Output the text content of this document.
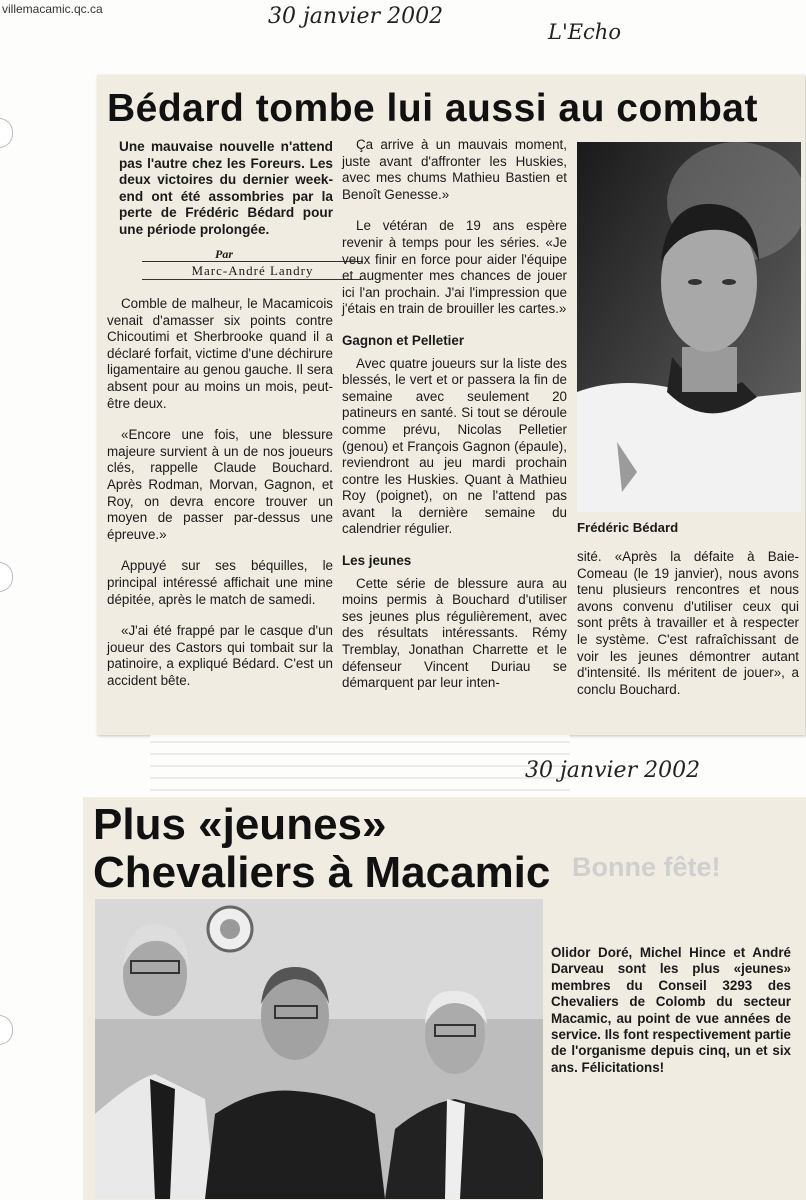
villemacamic.qc.ca	30 janvier 2002
L'Echo
Bédard tombe lui aussi au combat
Une mauvaise nouvelle n'attend pas l'autre chez les Foreurs. Les deux victoires du dernier week-end ont été assombries par la perte de Frédéric Bédard pour une période prolongée.
Par
Marc-André Landry

Comble de malheur, le Macamicois venait d'amasser six points contre Chicoutimi et Sherbrooke quand il a déclaré forfait, victime d'une déchirure ligamentaire au genou gauche. Il sera absent pour au moins un mois, peut-être deux.

«Encore une fois, une blessure majeure survient à un de nos joueurs clés, rappelle Claude Bouchard. Après Rodman, Morvan, Gagnon, et Roy, on devra encore trouver un moyen de passer par-dessus une épreuve.»

Appuyé sur ses béquilles, le principal intéressé affichait une mine dépitée, après le match de samedi.

«J'ai été frappé par le casque d'un joueur des Castors qui tombait sur la patinoire, a expliqué Bédard. C'est un accident bête.

Ça arrive à un mauvais moment, juste avant d'affronter les Huskies, avec mes chums Mathieu Bastien et Benoît Genesse.»

Le vétéran de 19 ans espère revenir à temps pour les séries. «Je veux finir en force pour aider l'équipe et augmenter mes chances de jouer ici l'an prochain. J'ai l'impression que j'étais en train de brouiller les cartes.»

Gagnon et Pelletier

Avec quatre joueurs sur la liste des blessés, le vert et or passera la fin de semaine avec seulement 20 patineurs en santé. Si tout se déroule comme prévu, Nicolas Pelletier (genou) et François Gagnon (épaule), reviendront au jeu mardi prochain contre les Huskies. Quant à Mathieu Roy (poignet), on ne l'attend pas avant la dernière semaine du calendrier régulier.

Les jeunes

Cette série de blessure aura au moins permis à Bouchard d'utiliser ses jeunes plus régulièrement, avec des résultats intéressants. Rémy Tremblay, Jonathan Charrette et le défenseur Vincent Duriau se démarquent par leur inten-

Frédéric Bédard

sité. «Après la défaite à Baie-Comeau (le 19 janvier), nous avons tenu plusieurs rencontres et nous avons convenu d'utiliser ceux qui sont prêts à travailler et à respecter le système. C'est rafraîchissant de voir les jeunes démontrer autant d'intensité. Ils méritent de jouer», a conclu Bouchard.

30 janvier 2002
Plus «jeunes»
Chevaliers à Macamic
Olidor Doré, Michel Hince et André Darveau sont les plus «jeunes» membres du Conseil 3293 des Chevaliers de Colomb du secteur Macamic, au point de vue années de service. Ils font respectivement partie de l'organisme depuis cinq, un et six ans. Félicitations!
Bonne fête!
